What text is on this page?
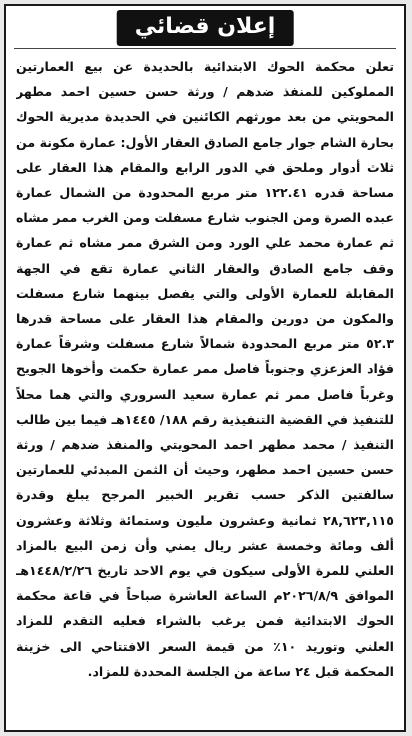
إعلان قضائي

تعلن محكمة الحوك الابتدائية بالحديدة عن بيع العمارتين المملوكين للمنفذ ضدهم / ورثة حسن حسين احمد مطهر المحويتي من بعد مورثهم الكائنين في الحديدة مديرية الحوك بحارة الشام جوار جامع الصادق العقار الأول: عمارة مكونة من ثلاث أدوار وملحق في الدور الرابع والمقام هذا العقار على مساحة قدره ١٢٢.٤١ متر مربع المحدودة من الشمال عمارة عبده الصرة ومن الجنوب شارع مسفلت ومن الغرب ممر مشاه ثم عمارة محمد علي الورد ومن الشرق ممر مشاه ثم عمارة وقف جامع الصادق والعقار الثاني عمارة تقع في الجهة المقابلة للعمارة الأولى والتي يفصل بينهما شارع مسفلت والمكون من دورين والمقام هذا العقار على مساحة قدرها ٥٢.٣ متر مربع المحدودة شمالاً شارع مسفلت وشرقاً عمارة فؤاد العزعزي وجنوباً فاصل ممر عمارة حكمت وأخوها الجويح وغرباً فاصل ممر ثم عمارة سعيد السروري والتي هما محلاً للتنفيذ في القضية التنفيذية رقم ١٨٨/ ١٤٤٥هـ فيما بين طالب التنفيذ / محمد مطهر احمد المحويتي والمنفذ ضدهم / ورثة حسن حسين احمد مطهر، وحيث أن الثمن المبدئي للعمارتين سالفتين الذكر حسب تقرير الخبير المرجح يبلغ وقدرة ٢٨,٦٢٣,١١٥ ثمانية وعشرون مليون وستمائة وثلاثة وعشرون ألف ومائة وخمسة عشر ريال يمني وأن زمن البيع بالمزاد العلني للمرة الأولى سيكون في يوم الاحد تاريخ ١٤٤٨/٢/٢٦هـ الموافق ٢٠٢٦/٨/٩م الساعة العاشرة صباحاً في قاعة محكمة الحوك الابتدائية فمن يرغب بالشراء فعليه التقدم للمزاد العلني وتوريد ١٠٪ من قيمة السعر الافتتاحي الى خزينة المحكمة قبل ٢٤ ساعة من الجلسة المحددة للمزاد.
